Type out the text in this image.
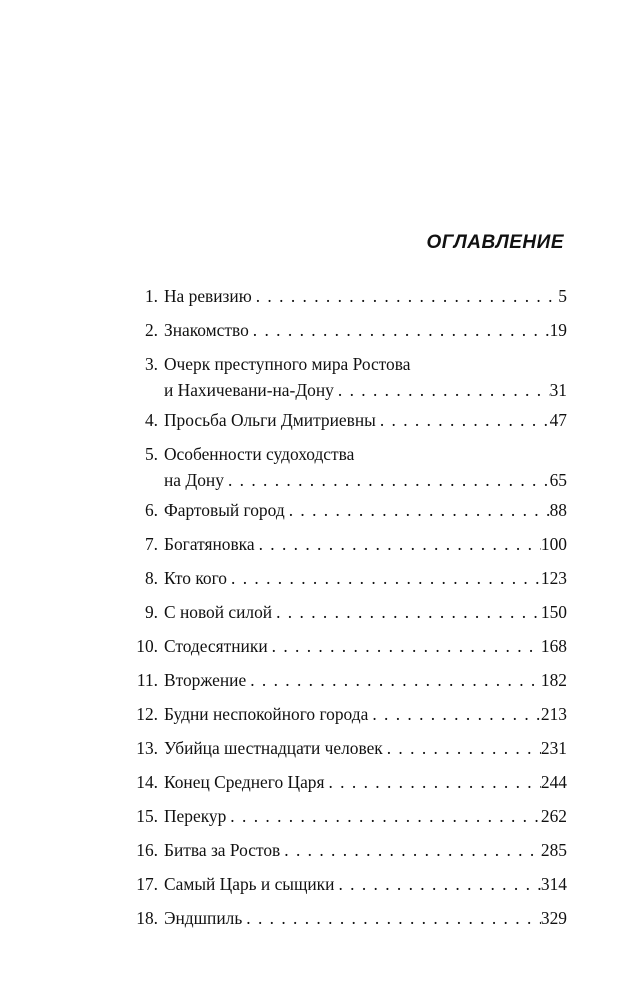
ОГЛАВЛЕНИЕ
1. На ревизию . . .	5
2. Знакомство . . .	19
3. Очерк преступного мира Ростова
и Нахичевани-на-Дону . . .	31
4. Просьба Ольги Дмитриевны . . .	47
5. Особенности судоходства
на Дону . . .	65
6. Фартовый город . . .	88
7. Богатяновка . . .	100
8. Кто кого . . .	123
9. С новой силой . . .	150
10. Стодесятники . . .	168
11. Вторжение . . .	182
12. Будни неспокойного города . . .	213
13. Убийца шестнадцати человек . . .	231
14. Конец Среднего Царя . . .	244
15. Перекур . . .	262
16. Битва за Ростов . . .	285
17. Самый Царь и сыщики . . .	314
18. Эндшпиль . . .	329
